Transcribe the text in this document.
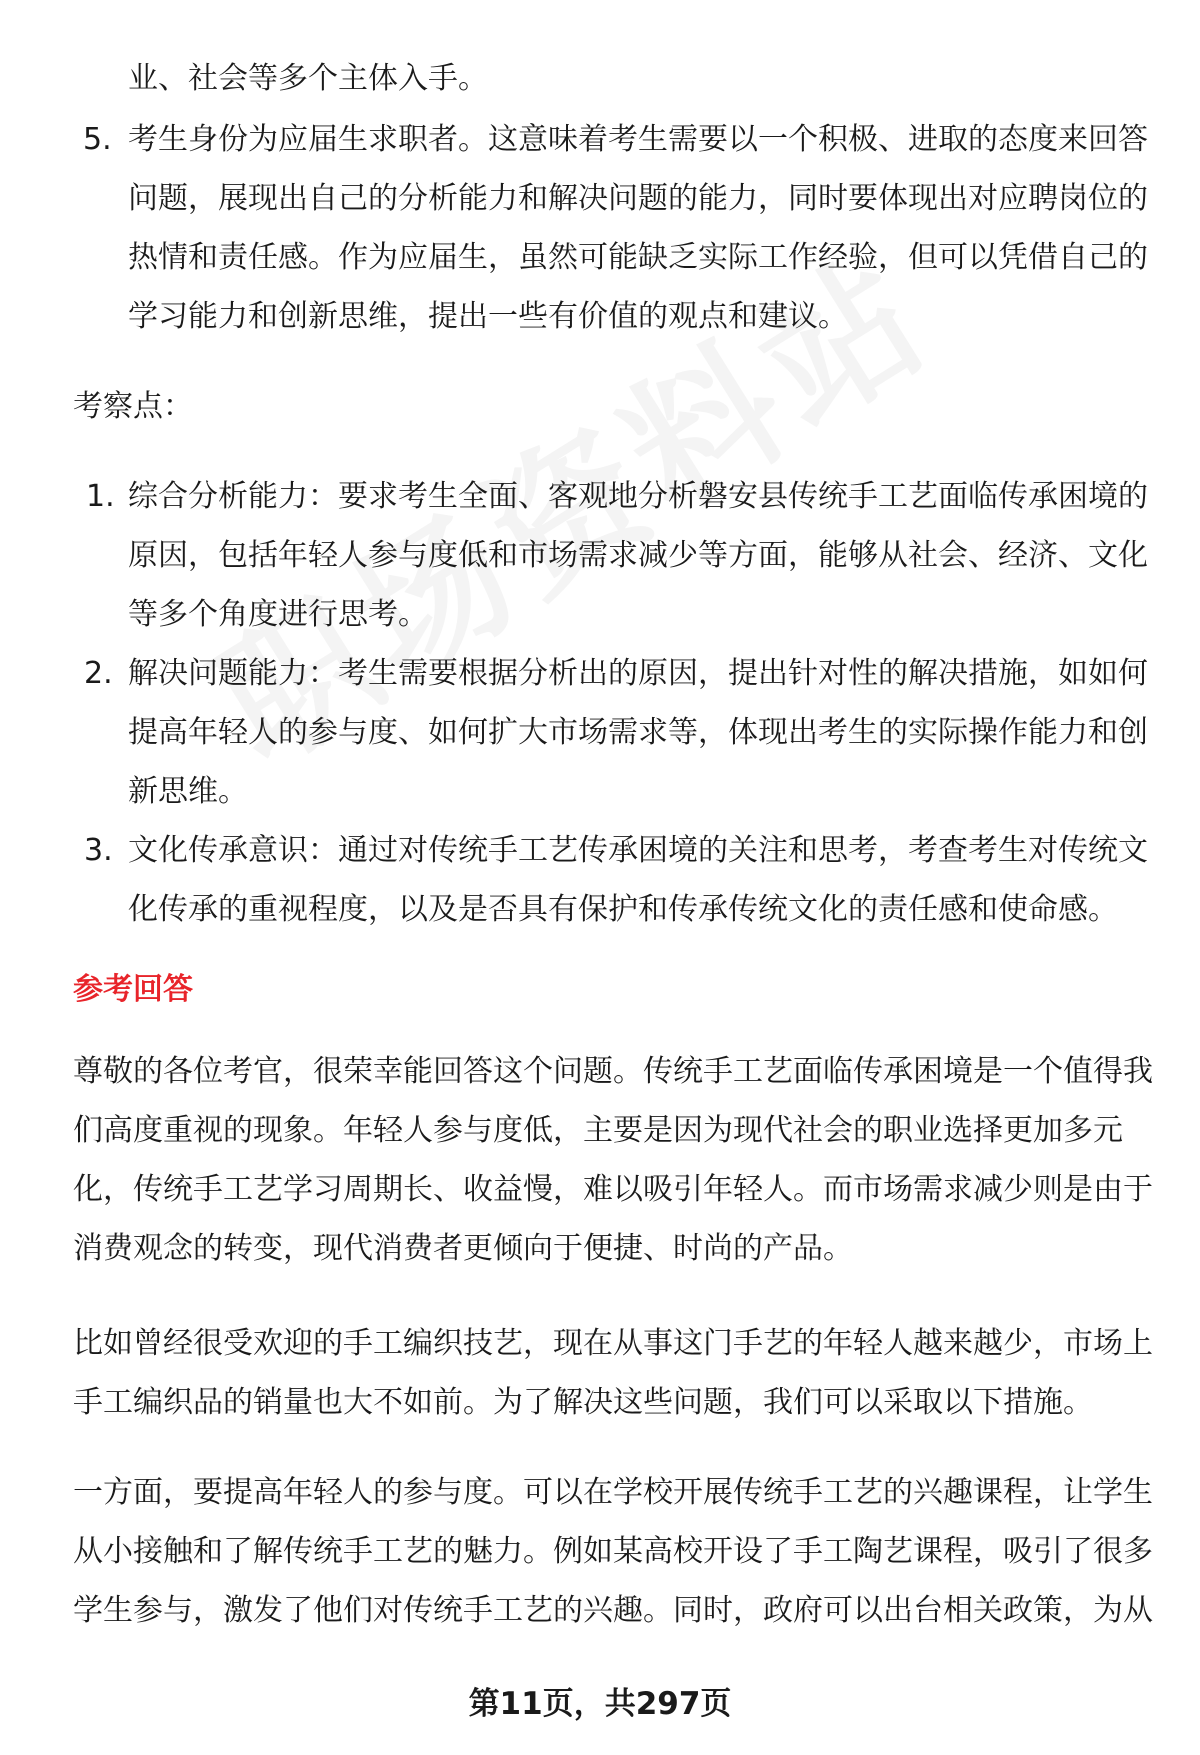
业、社会等多个主体入手。
5. 考生身份为应届生求职者。这意味着考生需要以一个积极、进取的态度来回答
问题，展现出自己的分析能力和解决问题的能力，同时要体现出对应聘岗位的
热情和责任感。作为应届生，虽然可能缺乏实际工作经验，但可以凭借自己的
学习能力和创新思维，提出一些有价值的观点和建议。
考察点：
1. 综合分析能力：要求考生全面、客观地分析磐安县传统手工艺面临传承困境的
原因，包括年轻人参与度低和市场需求减少等方面，能够从社会、经济、文化
等多个角度进行思考。
2. 解决问题能力：考生需要根据分析出的原因，提出针对性的解决措施，如如何
提高年轻人的参与度、如何扩大市场需求等，体现出考生的实际操作能力和创
新思维。
3. 文化传承意识：通过对传统手工艺传承困境的关注和思考，考查考生对传统文
化传承的重视程度，以及是否具有保护和传承传统文化的责任感和使命感。
参考回答
尊敬的各位考官，很荣幸能回答这个问题。传统手工艺面临传承困境是一个值得我
们高度重视的现象。年轻人参与度低，主要是因为现代社会的职业选择更加多元
化，传统手工艺学习周期长、收益慢，难以吸引年轻人。而市场需求减少则是由于
消费观念的转变，现代消费者更倾向于便捷、时尚的产品。
比如曾经很受欢迎的手工编织技艺，现在从事这门手艺的年轻人越来越少，市场上
手工编织品的销量也大不如前。为了解决这些问题，我们可以采取以下措施。
一方面，要提高年轻人的参与度。可以在学校开展传统手工艺的兴趣课程，让学生
从小接触和了解传统手工艺的魅力。例如某高校开设了手工陶艺课程，吸引了很多
学生参与，激发了他们对传统手工艺的兴趣。同时，政府可以出台相关政策，为从
第11页，共297页
